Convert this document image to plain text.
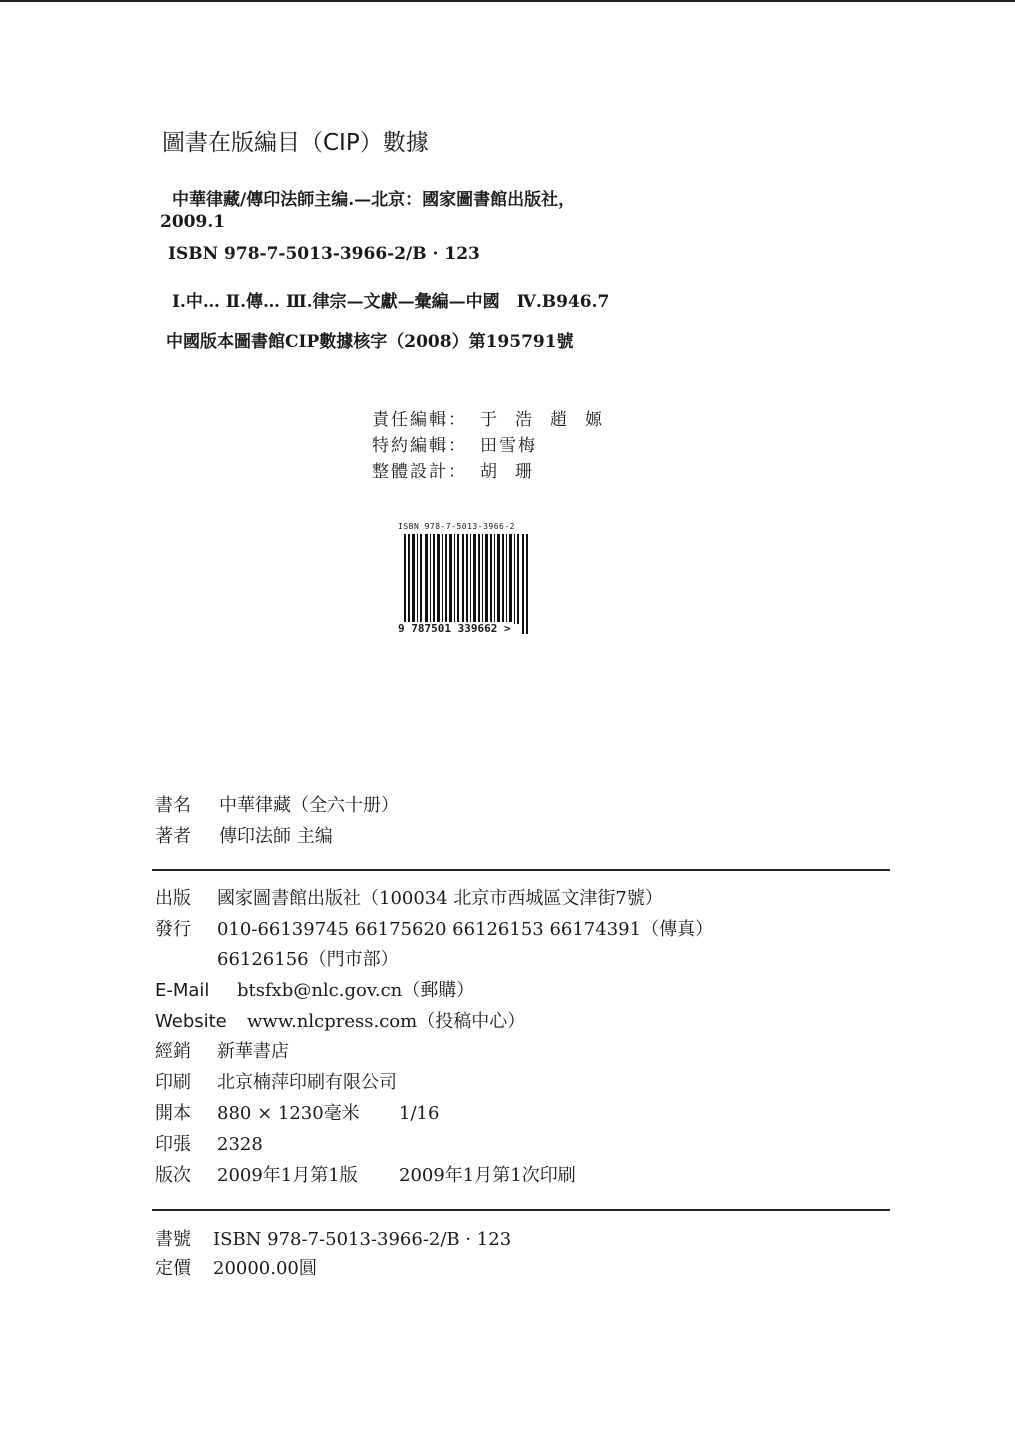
圖書在版編目（CIP）數據
中華律藏/傳印法師主编.—北京：國家圖書館出版社，
2009.1
ISBN 978-7-5013-3966-2/B · 123
Ⅰ.中… Ⅱ.傳… Ⅲ.律宗—文獻—彙編—中國　Ⅳ.B946.7
中國版本圖書館CIP數據核字（2008）第195791號
責任編輯： 于浩趙嫄
特約編輯： 田雪梅
整體設計： 胡珊
ISBN 978-7-5013-3966-2
9 787501 339662 >
書名 中華律藏（全六十册）
著者 傳印法師 主编
出版 國家圖書館出版社（100034 北京市西城區文津街7號）
發行 010-66139745 66175620 66126153 66174391（傳真）
66126156（門市部）
E-Mail btsfxb@nlc.gov.cn（郵購）
Website www.nlcpress.com（投稿中心）
經銷 新華書店
印刷 北京楠萍印刷有限公司
開本 880 × 1230毫米 1/16
印張 2328
版次 2009年1月第1版 2009年1月第1次印刷
書號 ISBN 978-7-5013-3966-2/B · 123
定價 20000.00圓
